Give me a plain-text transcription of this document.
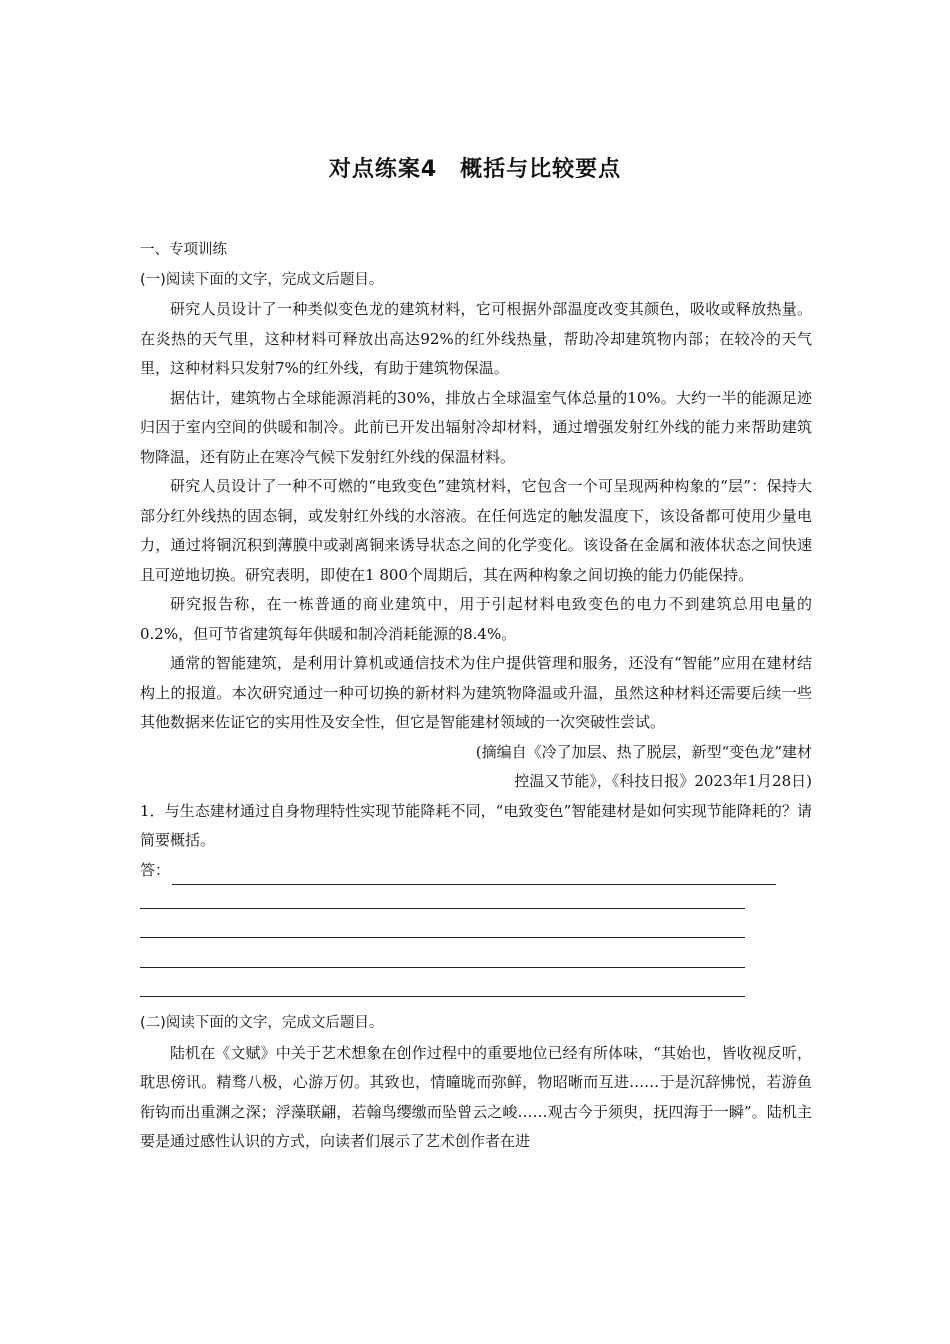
对点练案4　概括与比较要点
一、专项训练
(一)阅读下面的文字，完成文后题目。

研究人员设计了一种类似变色龙的建筑材料，它可根据外部温度改变其颜色，吸收或释放热量。在炎热的天气里，这种材料可释放出高达92%的红外线热量，帮助冷却建筑物内部；在较冷的天气里，这种材料只发射7%的红外线，有助于建筑物保温。

据估计，建筑物占全球能源消耗的30%，排放占全球温室气体总量的10%。大约一半的能源足迹归因于室内空间的供暖和制冷。此前已开发出辐射冷却材料，通过增强发射红外线的能力来帮助建筑物降温，还有防止在寒冷气候下发射红外线的保温材料。

研究人员设计了一种不可燃的“电致变色”建筑材料，它包含一个可呈现两种构象的“层”：保持大部分红外线热的固态铜，或发射红外线的水溶液。在任何选定的触发温度下，该设备都可使用少量电力，通过将铜沉积到薄膜中或剥离铜来诱导状态之间的化学变化。该设备在金属和液体状态之间快速且可逆地切换。研究表明，即使在1 800个周期后，其在两种构象之间切换的能力仍能保持。

研究报告称，在一栋普通的商业建筑中，用于引起材料电致变色的电力不到建筑总用电量的0.2%，但可节省建筑每年供暖和制冷消耗能源的8.4%。

通常的智能建筑，是利用计算机或通信技术为住户提供管理和服务，还没有“智能”应用在建材结构上的报道。本次研究通过一种可切换的新材料为建筑物降温或升温，虽然这种材料还需要后续一些其他数据来佐证它的实用性及安全性，但它是智能建材领域的一次突破性尝试。

(摘编自《冷了加层、热了脱层，新型“变色龙”建材

控温又节能》，《科技日报》2023年1月28日)

1．与生态建材通过自身物理特性实现节能降耗不同，“电致变色”智能建材是如何实现节能降耗的？请简要概括。

答：
(二)阅读下面的文字，完成文后题目。

陆机在《文赋》中关于艺术想象在创作过程中的重要地位已经有所体味，“其始也，皆收视反听，耽思傍讯。精骛八极，心游万仞。其致也，情曈昽而弥鲜，物昭晰而互进……于是沉辞怫悦，若游鱼衔钩而出重渊之深；浮藻联翩，若翰鸟缨缴而坠曾云之峻……观古今于须臾，抚四海于一瞬”。陆机主要是通过感性认识的方式，向读者们展示了艺术创作者在进
